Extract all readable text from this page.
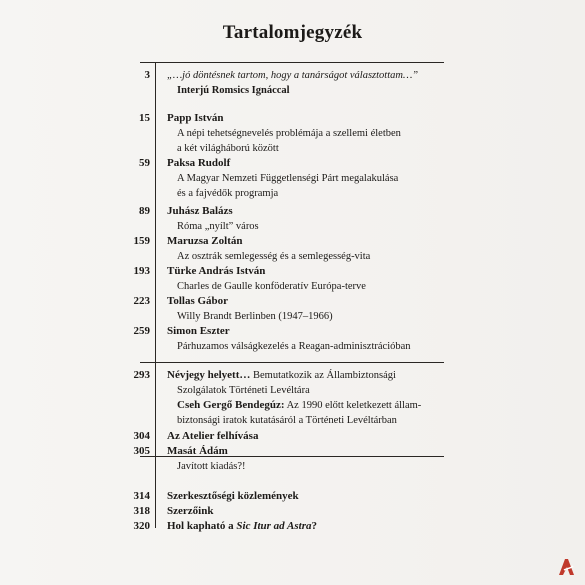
Tartalomjegyzék
3 „…jó döntésnek tartom, hogy a tanárságot választottam…”
Interjú Romsics Ignáccal
15 Papp István
A népi tehetségnevelés problémája a szellemi életben
a két világháború között
59 Paksa Rudolf
A Magyar Nemzeti Függetlenségi Párt megalakulása
és a fajvédők programja
89 Juhász Balázs
Róma „nyílt” város
159 Maruzsa Zoltán
Az osztrák semlegesség és a semlegesség-vita
193 Türke András István
Charles de Gaulle konföderatív Európa-terve
223 Tollas Gábor
Willy Brandt Berlinben (1947–1966)
259 Simon Eszter
Párhuzamos válságkezelés a Reagan-adminisztrációban
293 Névjegy helyett… Bemutatkozik az Állambiztonsági
Szolgálatok Történeti Levéltára
Cseh Gergő Bendegúz: Az 1990 előtt keletkezett állam-
biztonsági iratok kutatásáról a Történeti Levéltárban
304 Az Atelier felhívása
305 Masát Ádám
Javított kiadás?!
314 Szerkesztőségi közlemények
318 Szerzőink
320 Hol kapható a Sic Itur ad Astra?
